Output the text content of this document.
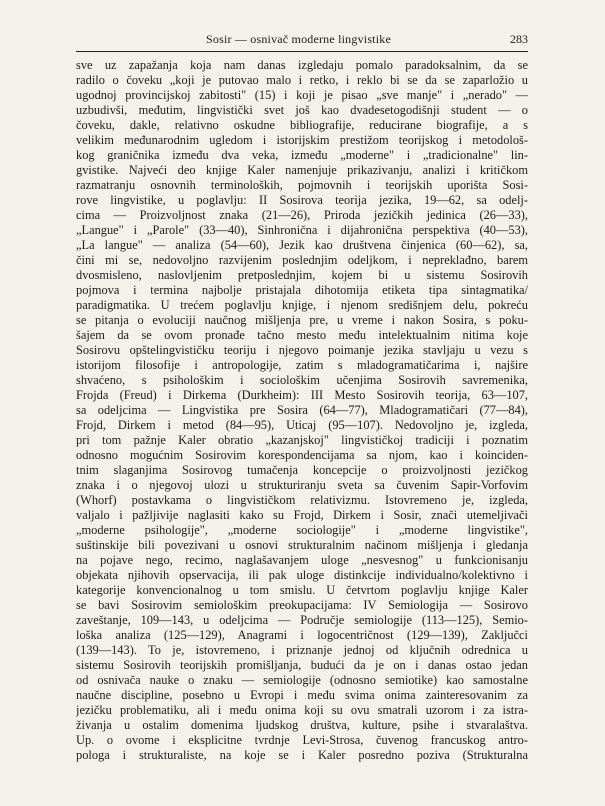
Sosir — osnivač moderne lingvistike	283
sve uz zapažanja koja nam danas izgledaju pomalo paradoksalnim, da se
radilo o čoveku „koji je putovao malo i retko, i reklo bi se da se zaparložio u
ugodnoj provincijskoj zabitosti" (15) i koji je pisao „sve manje" i „nerado" —
uzbudivši, međutim, lingvistički svet još kao dvadesetogodišnji student — o
čoveku, dakle, relativno oskudne bibliografije, reducirane biografije, a s
velikim međunarodnim ugledom i istorijskim prestižom teorijskog i metodološ-
kog graničnika između dva veka, između „moderne" i „tradicionalne" lin-
gvistike. Najveći deo knjige Kaler namenjuje prikazivanju, analizi i kritičkom
razmatranju osnovnih terminoloških, pojmovnih i teorijskih uporišta Sosi-
rove lingvistike, u poglavlju: II Sosirova teorija jezika, 19—62, sa odelj-
cima — Proizvoljnost znaka (21—26), Priroda jezičkih jedinica (26—33),
„Langue" i „Parole" (33—40), Sinhronična i dijahronična perspektiva (40—53),
„La langue" — analiza (54—60), Jezik kao društvena činjenica (60—62), sa,
čini mi se, nedovoljno razvijenim poslednjim odeljkom, i nepreklađno, barem
dvosmisleno, naslovljenim pretposlednjim, kojem bi u sistemu Sosirovih
pojmova i termina najbolje pristajala dihotomija etiketa tipa sintagmatika/
paradigmatika. U trećem poglavlju knjige, i njenom središnjem delu, pokreću
se pitanja o evoluciji naučnog mišljenja pre, u vreme i nakon Sosira, s poku-
šajem da se ovom pronađe tačno mesto među intelektualnim nitima koje
Sosirovu opštelingvističku teoriju i njegovo poimanje jezika stavljaju u vezu s
istorijom filosofije i antropologije, zatim s mladogramatičarima i, najšire
shvaćeno, s psihološkim i sociološkim učenjima Sosirovih savremenika,
Frojda (Freud) i Dirkema (Durkheim): III Mesto Sosirovih teorija, 63—107,
sa odeljcima — Lingvistika pre Sosira (64—77), Mladogramatičari (77—84),
Frojd, Dirkem i metod (84—95), Uticaj (95—107). Nedovoljno je, izgleda,
pri tom pažnje Kaler obratio „kazanjskoj" lingvističkoj tradiciji i poznatim
odnosno mogućnim Sosirovim korespondencijama sa njom, kao i koinciden-
tnim slaganjima Sosirovog tumačenja koncepcije o proizvoljnosti jezičkog
znaka i o njegovoj ulozi u strukturiranju sveta sa čuvenim Sapir-Vorfovim
(Whorf) postavkama o lingvističkom relativizmu. Istovremeno je, izgleda,
valjalo i pažljivije naglasiti kako su Frojd, Dirkem i Sosir, znači utemeljivači
„moderne psihologije", „moderne sociologije" i „moderne lingvistike",
suštinskije bili povezivani u osnovi strukturalnim načinom mišljenja i gledanja
na pojave nego, recimo, naglašavanjem uloge „nesvesnog" u funkcionisanju
objekata njihovih opservacija, ili pak uloge distinkcije individualno/kolektivno i
kategorije konvencionalnog u tom smislu. U četvrtom poglavlju knjige Kaler
se bavi Sosirovim semiološkim preokupacijama: IV Semiologija — Sosirovo
zaveštanje, 109—143, u odeljcima — Područje semiologije (113—125), Semio-
loška analiza (125—129), Anagrami i logocentričnost (129—139), Zaključci
(139—143). To je, istovremeno, i priznanje jednoj od ključnih odrednica u
sistemu Sosirovih teorijskih promišljanja, budući da je on i danas ostao jedan
od osnivača nauke o znaku — semiologije (odnosno semiotike) kao samostalne
naučne discipline, posebno u Evropi i među svima onima zainteresovanim za
jezičku problematiku, ali i među onima koji su ovu smatrali uzorom i za istra-
živanja u ostalim domenima ljudskog društva, kulture, psihe i stvaralaštva.
Up. o ovome i eksplicitne tvrdnje Levi-Strosa, čuvenog francuskog antro-
pologa i strukturaliste, na koje se i Kaler posredno poziva (Strukturalna
